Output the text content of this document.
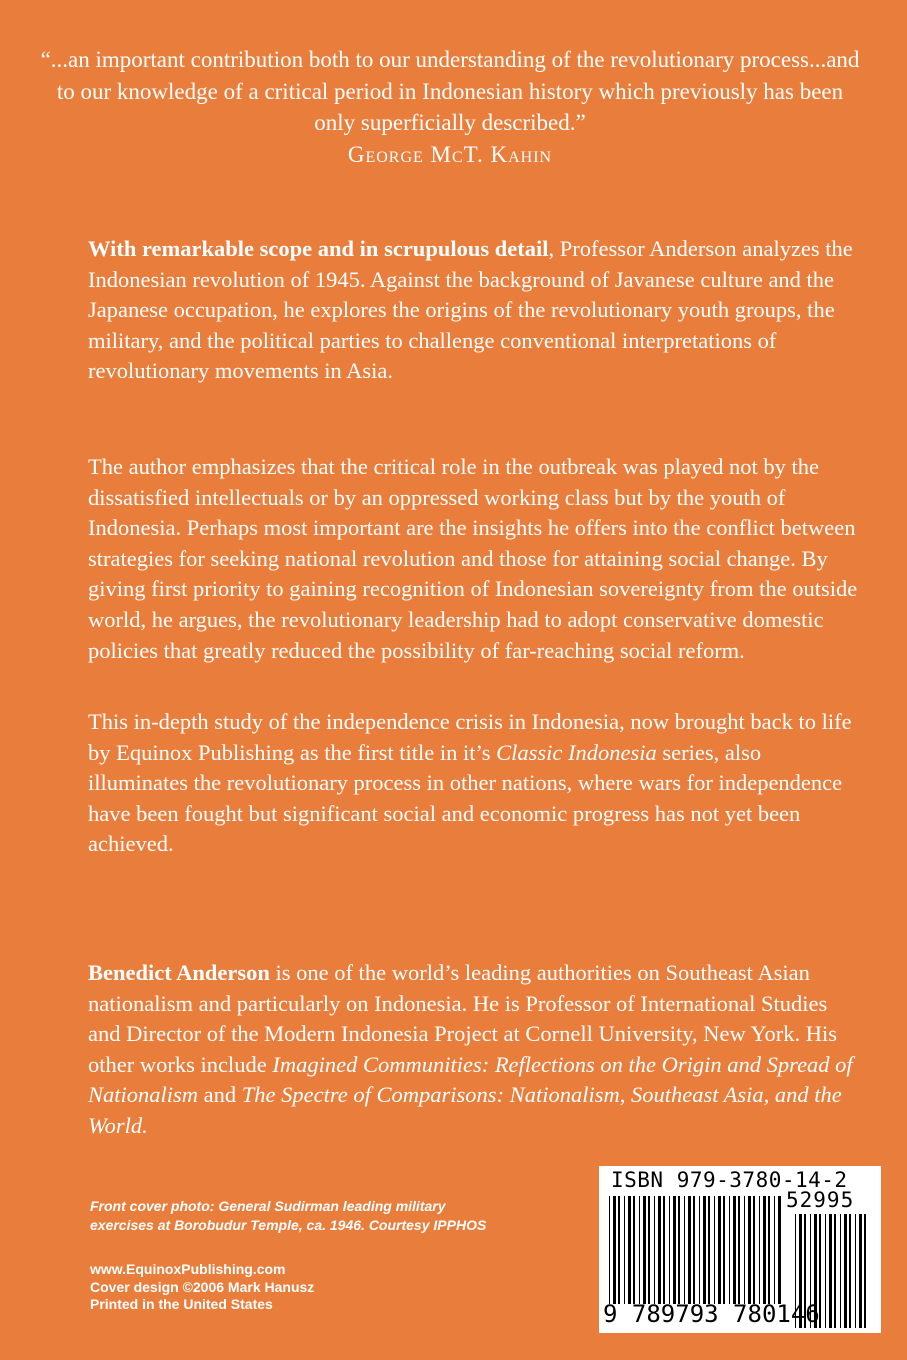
“...an important contribution both to our understanding of the revolutionary process...and to our knowledge of a critical period in Indonesian history which previously has been only superficially described.”
George McT. Kahin

With remarkable scope and in scrupulous detail, Professor Anderson analyzes the Indonesian revolution of 1945. Against the background of Javanese culture and the Japanese occupation, he explores the origins of the revolutionary youth groups, the military, and the political parties to challenge conventional interpretations of revolutionary movements in Asia.

The author emphasizes that the critical role in the outbreak was played not by the dissatisfied intellectuals or by an oppressed working class but by the youth of Indonesia. Perhaps most important are the insights he offers into the conflict between strategies for seeking national revolution and those for attaining social change. By giving first priority to gaining recognition of Indonesian sovereignty from the outside world, he argues, the revolutionary leadership had to adopt conservative domestic policies that greatly reduced the possibility of far-reaching social reform.

This in-depth study of the independence crisis in Indonesia, now brought back to life by Equinox Publishing as the first title in it’s Classic Indonesia series, also illuminates the revolutionary process in other nations, where wars for independence have been fought but significant social and economic progress has not yet been achieved.

Benedict Anderson is one of the world’s leading authorities on Southeast Asian nationalism and particularly on Indonesia. He is Professor of International Studies and Director of the Modern Indonesia Project at Cornell University, New York. His other works include Imagined Communities: Reflections on the Origin and Spread of Nationalism and The Spectre of Comparisons: Nationalism, Southeast Asia, and the World.

Front cover photo: General Sudirman leading military
exercises at Borobudur Temple, ca. 1946. Courtesy IPPHOS
www.EquinoxPublishing.com
Cover design ©2006 Mark Hanusz
Printed in the United States
ISBN 979-3780-14-2
52995
9 789793 780146
